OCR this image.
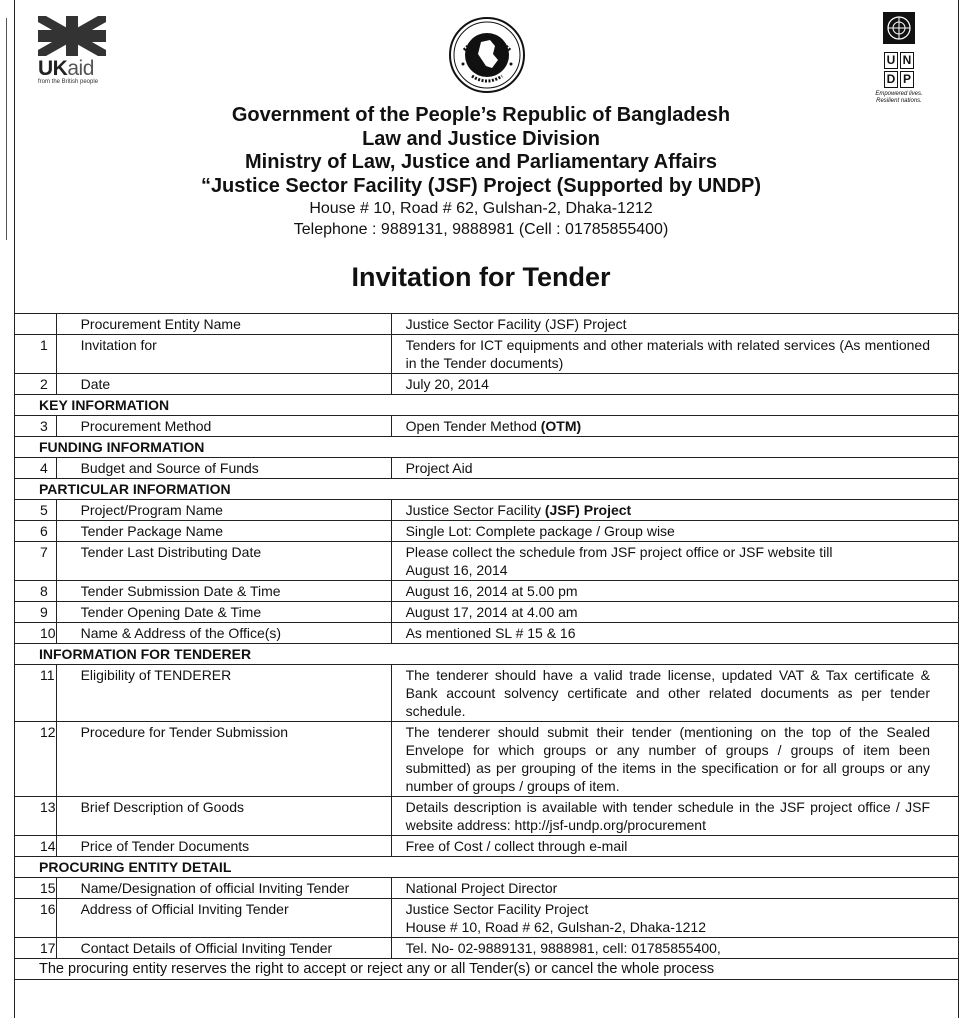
UKaid
from the British people
U N
D P
Empowered lives.
Resilient nations.
Government of the People’s Republic of Bangladesh
Law and Justice Division
Ministry of Law, Justice and Parliamentary Affairs
“Justice Sector Facility (JSF) Project (Supported by UNDP)
House # 10, Road # 62, Gulshan-2, Dhaka-1212
Telephone : 9889131, 9888981 (Cell : 01785855400)
Invitation for Tender
	Procurement Entity Name	Justice Sector Facility (JSF) Project
1	Invitation for	Tenders for ICT equipments and other materials with related services (As mentioned in the Tender documents)
2	Date	July 20, 2014
KEY INFORMATION		
3	Procurement Method	Open Tender Method (OTM)
FUNDING INFORMATION		
4	Budget and Source of Funds	Project Aid
PARTICULAR INFORMATION		
5	Project/Program Name	Justice Sector Facility (JSF) Project
6	Tender Package Name	Single Lot: Complete package / Group wise
7	Tender Last Distributing Date	Please collect the schedule from JSF project office or JSF website till
August 16, 2014
8	Tender Submission Date & Time	August 16, 2014 at 5.00 pm
9	Tender Opening Date & Time	August 17, 2014 at 4.00 am
10	Name & Address of the Office(s)	As mentioned SL # 15 & 16
INFORMATION FOR TENDERER		
11	Eligibility of TENDERER	The tenderer should have a valid trade license, updated VAT & Tax certificate & Bank account solvency certificate and other related documents as per tender schedule.
12	Procedure for Tender Submission	The tenderer should submit their tender (mentioning on the top of the Sealed Envelope for which groups or any number of groups / groups of item been submitted) as per grouping of the items in the specification or for all groups or any number of groups / groups of item.
13	Brief Description of Goods	Details description is available with tender schedule in the JSF project office / JSF website address: http://jsf-undp.org/procurement
14	Price of Tender Documents	Free of Cost / collect through e-mail
PROCURING ENTITY DETAIL		
15	Name/Designation of official Inviting Tender	National Project Director
16	Address of Official Inviting Tender	Justice Sector Facility Project
House # 10, Road # 62, Gulshan-2, Dhaka-1212
17	Contact Details of Official Inviting Tender	Tel. No- 02-9889131, 9888981, cell: 01785855400,
The procuring entity reserves the right to accept or reject any or all Tender(s) or cancel the whole process		
